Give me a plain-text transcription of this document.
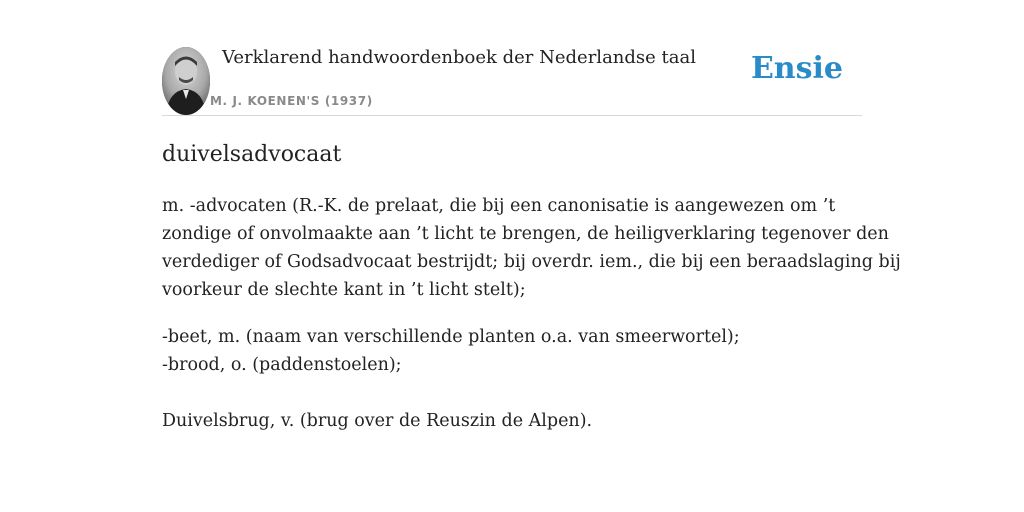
Verklarend handwoordenboek der Nederlandse taal
M. J. KOENEN'S (1937)
Ensie
duivelsadvocaat
m. -advocaten (R.-K. de prelaat, die bij een canonisatie is aangewezen om ’t
zondige of onvolmaakte aan ’t licht te brengen, de heiligverklaring tegenover den
verdediger of Godsadvocaat bestrijdt; bij overdr. iem., die bij een beraadslaging bij
voorkeur de slechte kant in ’t licht stelt);
-beet, m. (naam van verschillende planten o.a. van smeerwortel);
-brood, o. (paddenstoelen);
Duivelsbrug, v. (brug over de Reuszin de Alpen).
